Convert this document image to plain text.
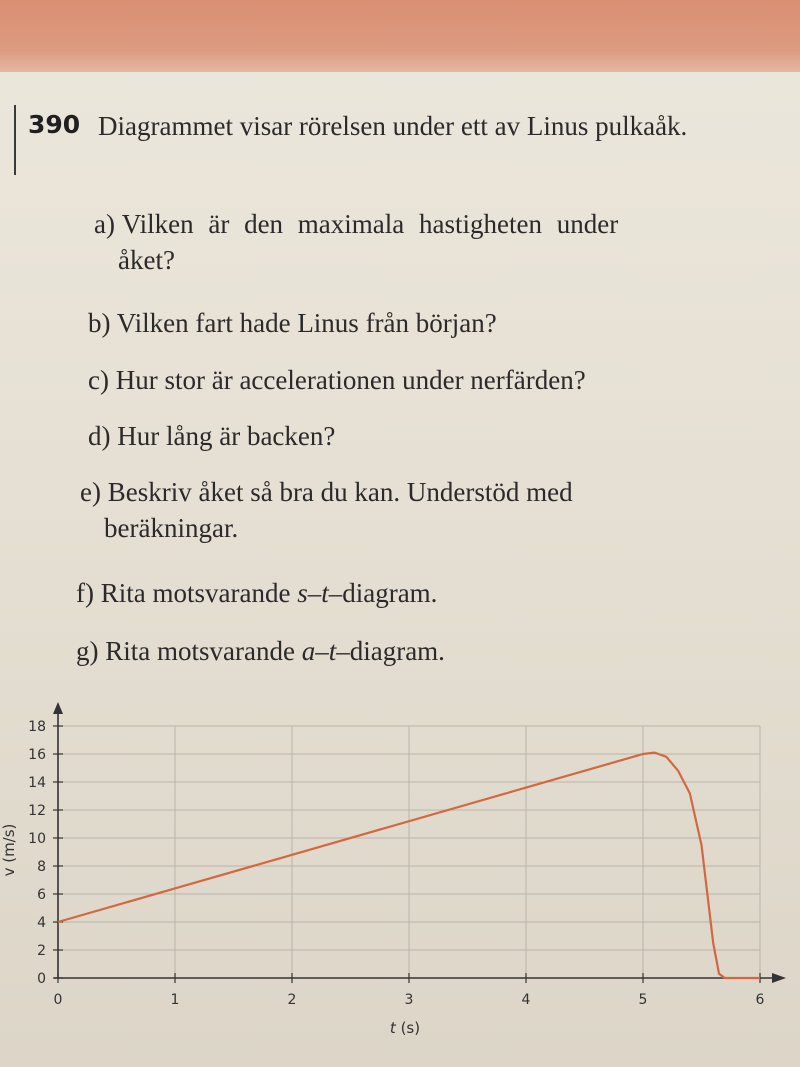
390 Diagrammet visar rörelsen under ett av Linus pulkaåk.
a) Vilken är den maximala hastigheten under
åket?
b) Vilken fart hade Linus från början?
c) Hur stor är accelerationen under nerfärden?
d) Hur lång är backen?
e) Beskriv åket så bra du kan. Understöd med
beräkningar.
f) Rita motsvarande s–t–diagram.
g) Rita motsvarande a–t–diagram.
0
2
4
6
8
10
12
14
16
18
0	1	2	3	4	5	6
t (s)
v (m/s)
